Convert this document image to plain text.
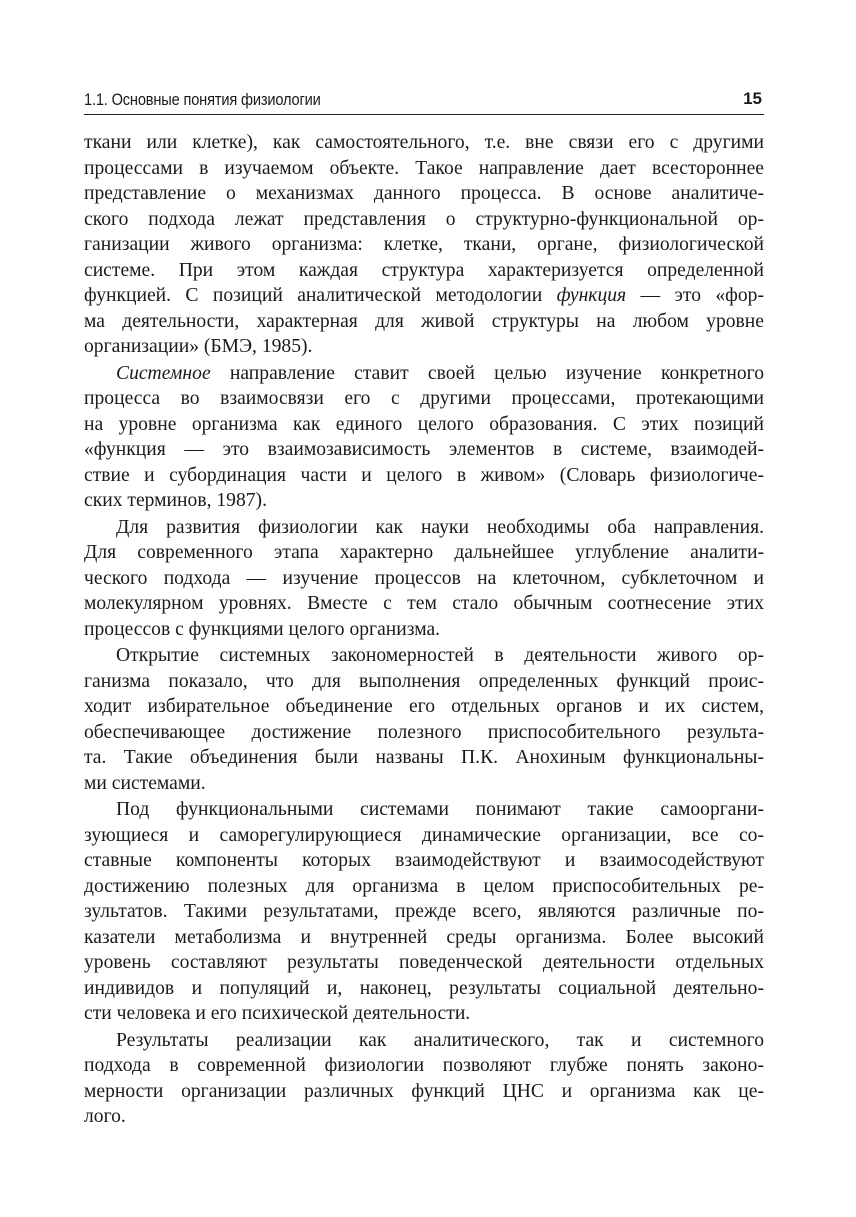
1.1. Основные понятия физиологии	15
ткани или клетке), как самостоятельного, т.е. вне связи его с другими
процессами в изучаемом объекте. Такое направление дает всестороннее
представление о механизмах данного процесса. В основе аналитиче-
ского подхода лежат представления о структурно-функциональной ор-
ганизации живого организма: клетке, ткани, органе, физиологической
системе. При этом каждая структура характеризуется определенной
функцией. С позиций аналитической методологии функция — это «фор-
ма деятельности, характерная для живой структуры на любом уровне
организации» (БМЭ, 1985).
Системное направление ставит своей целью изучение конкретного
процесса во взаимосвязи его с другими процессами, протекающими
на уровне организма как единого целого образования. С этих позиций
«функция — это взаимозависимость элементов в системе, взаимодей-
ствие и субординация части и целого в живом» (Словарь физиологиче-
ских терминов, 1987).
Для развития физиологии как науки необходимы оба направления.
Для современного этапа характерно дальнейшее углубление аналити-
ческого подхода — изучение процессов на клеточном, субклеточном и
молекулярном уровнях. Вместе с тем стало обычным соотнесение этих
процессов с функциями целого организма.
Открытие системных закономерностей в деятельности живого ор-
ганизма показало, что для выполнения определенных функций проис-
ходит избирательное объединение его отдельных органов и их систем,
обеспечивающее достижение полезного приспособительного результа-
та. Такие объединения были названы П.К. Анохиным функциональны-
ми системами.
Под функциональными системами понимают такие самооргани-
зующиеся и саморегулирующиеся динамические организации, все со-
ставные компоненты которых взаимодействуют и взаимосодействуют
достижению полезных для организма в целом приспособительных ре-
зультатов. Такими результатами, прежде всего, являются различные по-
казатели метаболизма и внутренней среды организма. Более высокий
уровень составляют результаты поведенческой деятельности отдельных
индивидов и популяций и, наконец, результаты социальной деятельно-
сти человека и его психической деятельности.
Результаты реализации как аналитического, так и системного
подхода в современной физиологии позволяют глубже понять законо-
мерности организации различных функций ЦНС и организма как це-
лого.
